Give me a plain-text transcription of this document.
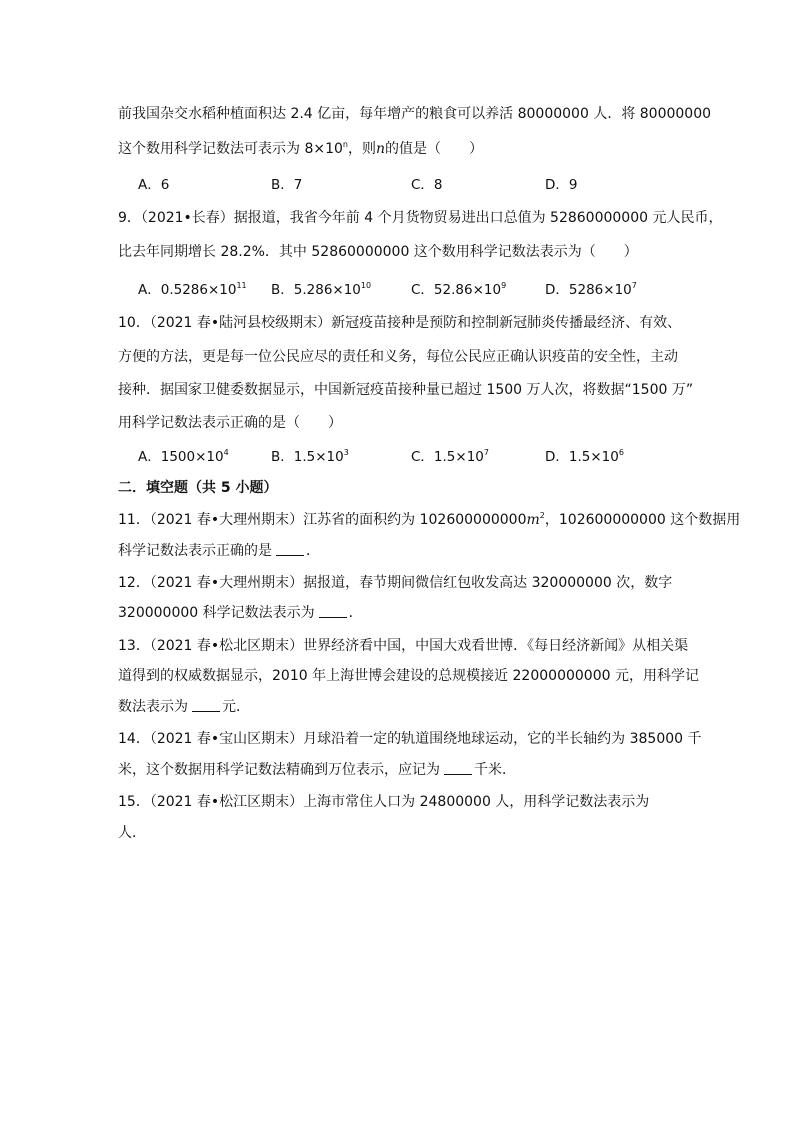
前我国杂交水稻种植面积达 2.4 亿亩，每年增产的粮食可以养活 80000000 人．将 80000000
这个数用科学记数法可表示为 $8\times 10^n$，则n的值是（　　）
A．6	B．7	C．8	D．9
9．（2021•长春）据报道，我省今年前 4 个月货物贸易进出口总值为 52860000000 元人民币，
比去年同期增长 28.2%．其中 52860000000 这个数用科学记数法表示为（　　）
A．$0.5286\times 10^{11}$ B．$5.286\times 10^{10}$	C．$52.86\times 10^9$	D．$5286\times 10^7$
10．（2021 春•陆河县校级期末）新冠疫苗接种是预防和控制新冠肺炎传播最经济、有效、
方便的方法，更是每一位公民应尽的责任和义务，每位公民应正确认识疫苗的安全性，主动
接种．据国家卫健委数据显示，中国新冠疫苗接种量已超过 1500 万人次，将数据“1500 万”
用科学记数法表示正确的是（　　）
A．$1500\times 10^4$	B．$1.5\times 10^3$	C．$1.5\times 10^7$	D．$1.5\times 10^6$
二．填空题（共 5 小题）
11．（2021 春•大理州期末）江苏省的面积约为 $102600000000m^2$，102600000000 这个数据用
科学记数法表示正确的是 ．
12．（2021 春•大理州期末）据报道，春节期间微信红包收发高达 320000000 次，数字
320000000 科学记数法表示为 ．
13．（2021 春•松北区期末）世界经济看中国，中国大戏看世博．《每日经济新闻》从相关渠
道得到的权威数据显示，2010 年上海世博会建设的总规模接近 22000000000 元，用科学记
数法表示为 元．
14．（2021 春•宝山区期末）月球沿着一定的轨道围绕地球运动，它的半长轴约为 385000 千
米，这个数据用科学记数法精确到万位表示，应记为 千米．
15．（2021 春•松江区期末）上海市常住人口为 24800000 人，用科学记数法表示为
人．
